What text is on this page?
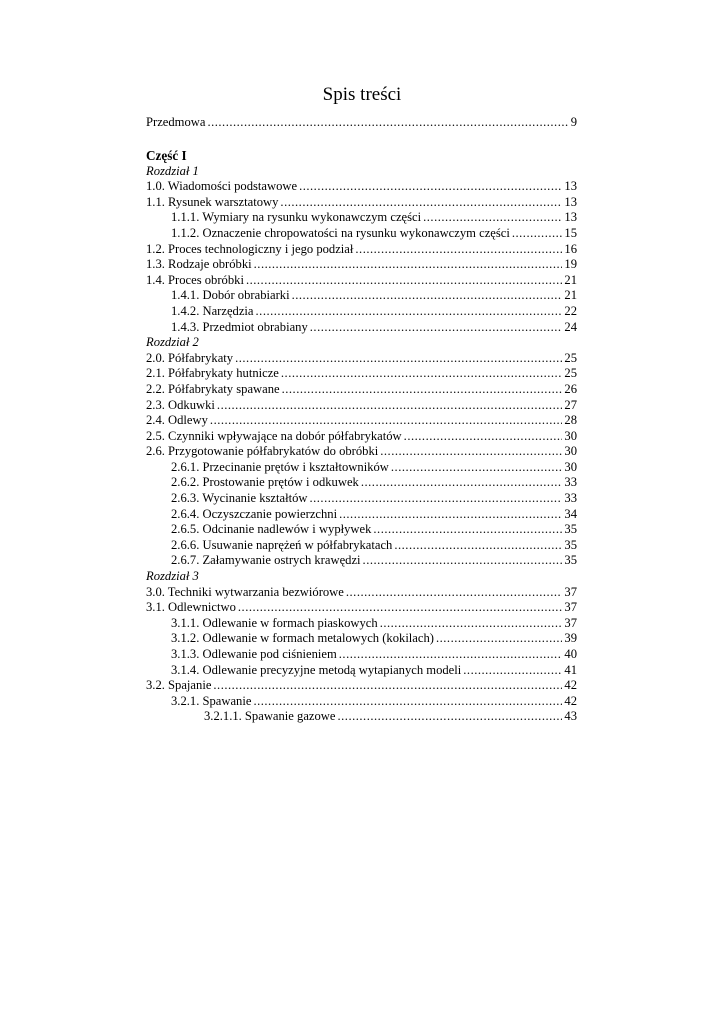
Spis treści
Przedmowa .....	9
Część I
Rozdział 1
1.0. Wiadomości podstawowe .....	13
1.1. Rysunek warsztatowy .....	13
1.1.1. Wymiary na rysunku wykonawczym części .....	13
1.1.2. Oznaczenie chropowatości na rysunku wykonawczym części .....	15
1.2. Proces technologiczny i jego podział .....	16
1.3. Rodzaje obróbki .....	19
1.4. Proces obróbki .....	21
1.4.1. Dobór obrabiarki .....	21
1.4.2. Narzędzia .....	22
1.4.3. Przedmiot obrabiany .....	24
Rozdział 2
2.0. Półfabrykaty .....	25
2.1. Półfabrykaty hutnicze .....	25
2.2. Półfabrykaty spawane .....	26
2.3. Odkuwki .....	27
2.4. Odlewy .....	28
2.5. Czynniki wpływające na dobór półfabrykatów .....	30
2.6. Przygotowanie półfabrykatów do obróbki .....	30
2.6.1. Przecinanie prętów i kształtowników .....	30
2.6.2. Prostowanie prętów i odkuwek .....	33
2.6.3. Wycinanie kształtów .....	33
2.6.4. Oczyszczanie powierzchni .....	34
2.6.5. Odcinanie nadlewów i wypływek .....	35
2.6.6. Usuwanie naprężeń w półfabrykatach .....	35
2.6.7. Załamywanie ostrych krawędzi .....	35
Rozdział 3
3.0. Techniki wytwarzania bezwiórowe .....	37
3.1. Odlewnictwo .....	37
3.1.1. Odlewanie w formach piaskowych .....	37
3.1.2. Odlewanie w formach metalowych (kokilach) .....	39
3.1.3. Odlewanie pod ciśnieniem .....	40
3.1.4. Odlewanie precyzyjne metodą wytapianych modeli .....	41
3.2. Spajanie .....	42
3.2.1. Spawanie .....	42
3.2.1.1. Spawanie gazowe .....	43
